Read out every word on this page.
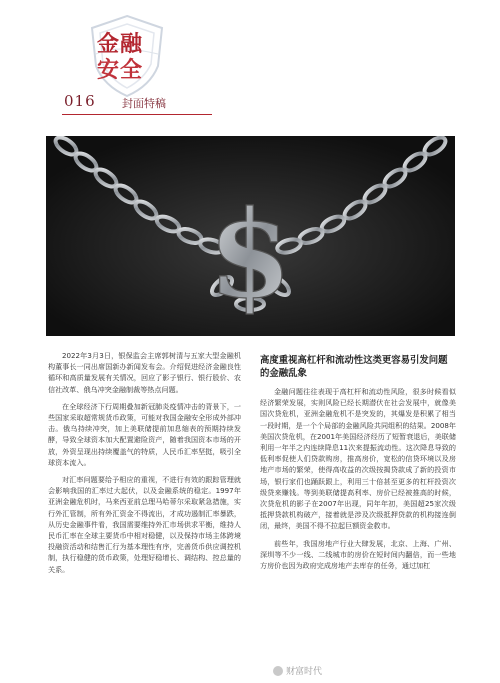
金融
安全
016 封面特稿
$

2022年3月3日，银保监会主席郭树清与五家大型金融机构董事长一同出席国新办新闻发布会。介绍促进经济金融良性循环和高质量发展有关情况，回应了影子银行、银行股价、农信社改革、俄乌冲突金融制裁等热点问题。

在全球经济下行周期叠加新冠肺炎疫情冲击的背景下，一些国家采取超常规货币政策，可能对我国金融安全形成外部冲击。俄乌持续冲突，加上美联储提前加息缩表的预期持续发酵，导致全球资本加大配置避险资产，随着我国资本市场的开放，外资呈现出持续覆盖气的特质，人民币汇率坚挺，吸引全球资本流入。

对汇率问题要给予相应的重视，不进行有效的跟踪管理就会影响我国的汇率过大起伏，以及金融系统的稳定。1997年亚洲金融危机时，马来西亚前总理马哈蒂尔采取紧急措施，实行外汇管制，所有外汇资金不得流出，才成功遏制汇率暴跌，从历史金融事件看，我国需要维持外汇市场供求平衡，维持人民币汇率在全球主要货币中相对稳健，以及保持市场主体跨境投融资活动和结售汇行为基本理性有序，完善货币供应调控机制，执行稳健的货币政策，处理好稳增长、调结构、控总量的关系。

高度重视高杠杆和流动性这类更容易引发问题的金融乱象

金融问题往往表现于高杠杆和流动性风险，很多时候看似经济繁荣发展，实则风险已经长期潜伏在社会发展中，就像美国次贷危机，亚洲金融危机不是突发的，其爆发是积累了相当一段时期，是一个个局部的金融风险共同组积的结果。2008年美国次贷危机，在2001年美国经济经历了短暂衰退后，美联储利用一年半之内连续降息11次来提振流动性。这次降息导致的低利率促使人们贷款购房，推高房价，宽松的信贷环境以及房地产市场的繁荣，使得高收益的次级按揭贷款成了新的投资市场，银行家们也踊跃跟上，利用三十倍甚至更多的杠杆投资次级贷来赚钱。等到美联储提高利率、房价已经被推高的时候，次贷危机的影子在2007年出现，同年年初，美国超25家次级抵押贷款机构破产，接着就是涉及次级抵押贷款的机构接连倒闭，最终，美国不得不拉起巨额资金救市。

前些年，我国房地产行业大肆发展，北京、上海、广州、深圳等不少一线、二线城市的房价在短时间内翻倍，而一些地方房价也因为政府完成房地产去库存的任务，通过加杠

财富时代
